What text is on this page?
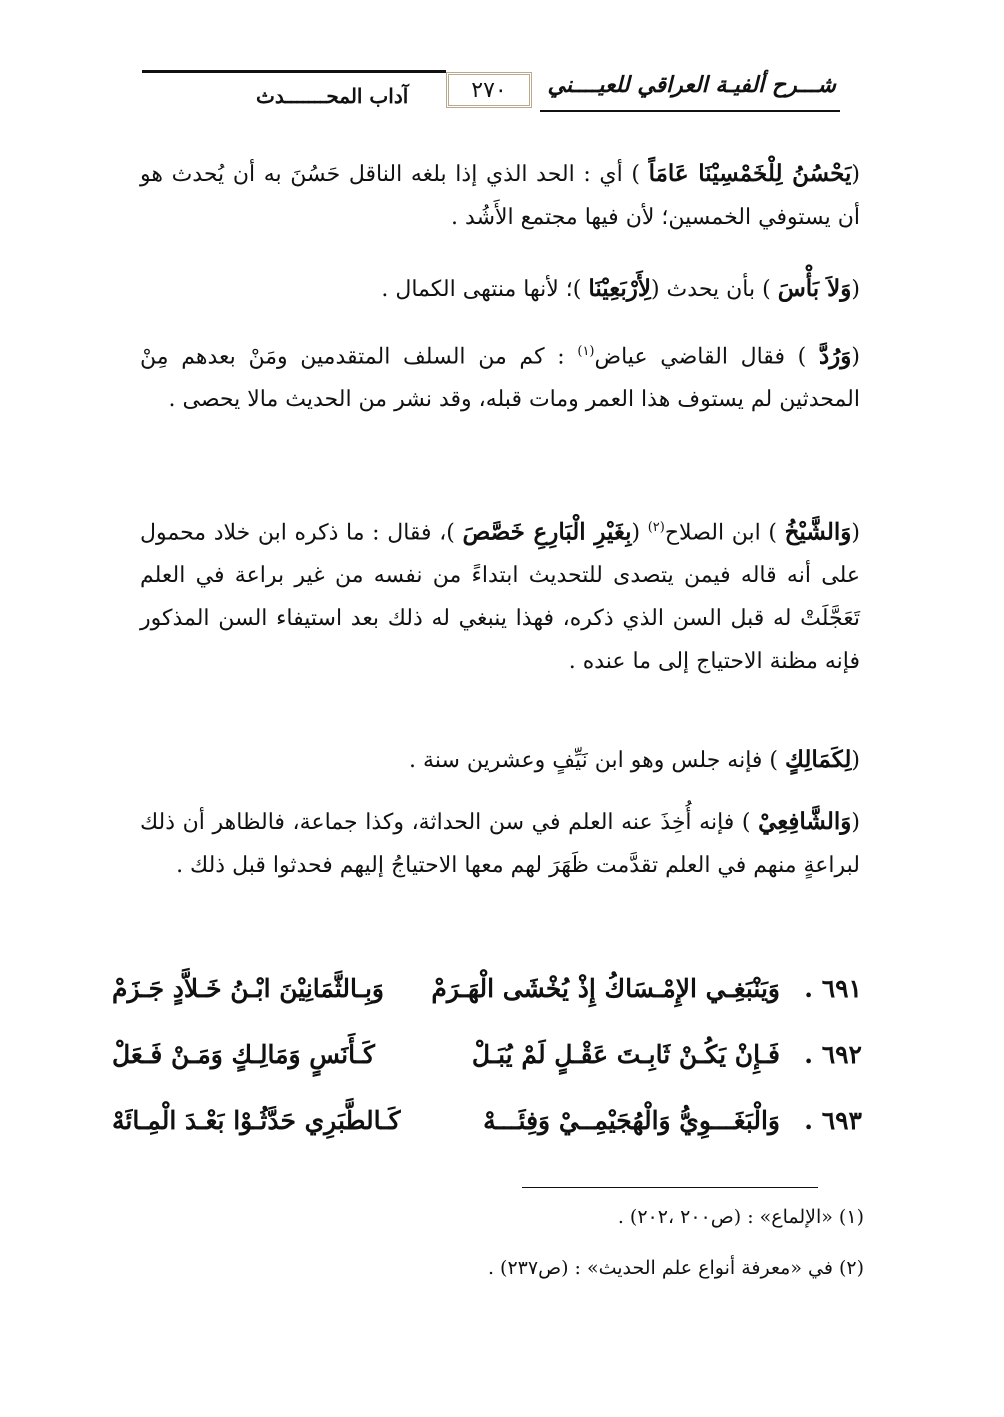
شـــرح ألفيـة العراقي للعيــــني
٢٧٠
آداب المحـــــــدث
(يَحْسُنُ لِلْخَمْسِيْنَا عَامَاً ) أي : الحد الذي إذا بلغه الناقل حَسُنَ به أن يُحدث هو أن يستوفي الخمسين؛ لأن فيها مجتمع الأَشُد .
(وَلاَ بَأْسَ ) بأن يحدث (لِأَرْبَعِيْنَا )؛ لأنها منتهى الكمال .
(وَرُدَّ ) فقال القاضي عياض$^{(١)}$ : كم من السلف المتقدمين ومَنْ بعدهم مِنْ المحدثين لم يستوف هذا العمر ومات قبله، وقد نشر من الحديث مالا يحصى .
(وَالشَّيْخُ ) ابن الصلاح$^{(٢)}$ (بِغَيْرِ الْبَارِعِ خَصَّصَ )، فقال : ما ذكره ابن خلاد محمول على أنه قاله فيمن يتصدى للتحديث ابتداءً من نفسه من غير براعة في العلم تَعَجَّلَتْ له قبل السن الذي ذكره، فهذا ينبغي له ذلك بعد استيفاء السن المذكور فإنه مظنة الاحتياج إلى ما عنده .
(لِكَمَالِكٍ ) فإنه جلس وهو ابن نَيِّفٍ وعشرين سنة .
(وَالشَّافِعِيْ ) فإنه أُخِذَ عنه العلم في سن الحداثة، وكذا جماعة، فالظاهر أن ذلك لبراعةٍ منهم في العلم تقدَّمت ظَهَرَ لهم معها الاحتياجُ إليهم فحدثوا قبل ذلك .
٦٩١ .
وَيَنْبَغِـي الإِمْـسَاكُ إِذْ يُخْشَى الْهَـرَمْ
وَبِـالثَّمَانِيْنَ ابْـنُ خَـلاَّدٍ جَـزَمْ
٦٩٢ .
فَـإِنْ يَكُـنْ ثَابِـتَ عَقْـلٍ لَمْ يُبَـلْ
كَـأَنَسٍ وَمَالِـكٍ وَمَـنْ فَـعَلْ
٦٩٣ .
وَالْبَغَـــوِيُّ وَالْهُجَيْمِــيْ وَفِئَـــهْ
كَـالطَّبَرِي حَدَّثُـوْا بَعْـدَ الْمِـائَهْ
(١) «الإلماع» : (ص٢٠٠ ،٢٠٢) .
(٢) في «معرفة أنواع علم الحديث» : (ص٢٣٧) .
